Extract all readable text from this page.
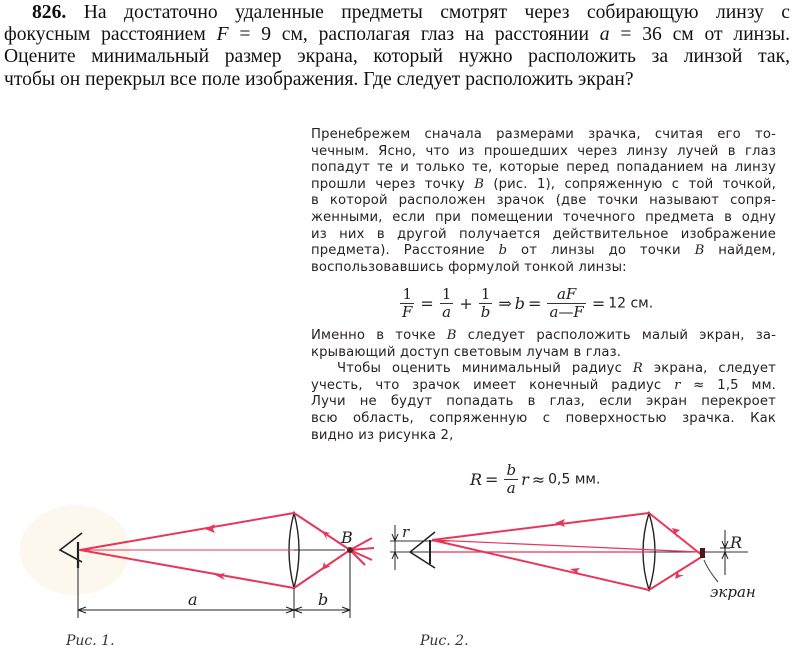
826. На достаточно удаленные предметы смотрят через собирающую линзу с
фокусным расстоянием F = 9 см, располагая глаз на расстоянии a = 36 см от линзы.
Оцените минимальный размер экрана, который нужно расположить за линзой так,
чтобы он перекрыл все поле изображения. Где следует расположить экран?
Пренебрежем сначала размерами зрачка, считая его то-
чечным. Ясно, что из прошедших через линзу лучей в глаз
попадут те и только те, которые перед попаданием на линзу
прошли через точку B (рис. 1), сопряженную с той точкой,
в которой расположен зрачок (две точки называют сопря-
женными, если при помещении точечного предмета в одну
из них в другой получается действительное изображение
предмета). Расстояние b от линзы до точки B найдем,
воспользовавшись формулой тонкой линзы:
$\frac{1}{F} = \frac{1}{a} + \frac{1}{b}$ ⇒ $b = \frac{aF}{a—F} = 12$ см.
Именно в точке B следует расположить малый экран, за-
крывающий доступ световым лучам в глаз.
Чтобы оценить минимальный радиус R экрана, следует
учесть, что зрачок имеет конечный радиус r ≈ 1,5 мм.
Лучи не будут попадать в глаз, если экран перекроет
всю область, сопряженную с поверхностью зрачка. Как
видно из рисунка 2,
$R = \frac{b}{a}$ r ≈ 0,5 мм.
B
a	b
Рис. 1.
r
экран
R
Рис. 2.
